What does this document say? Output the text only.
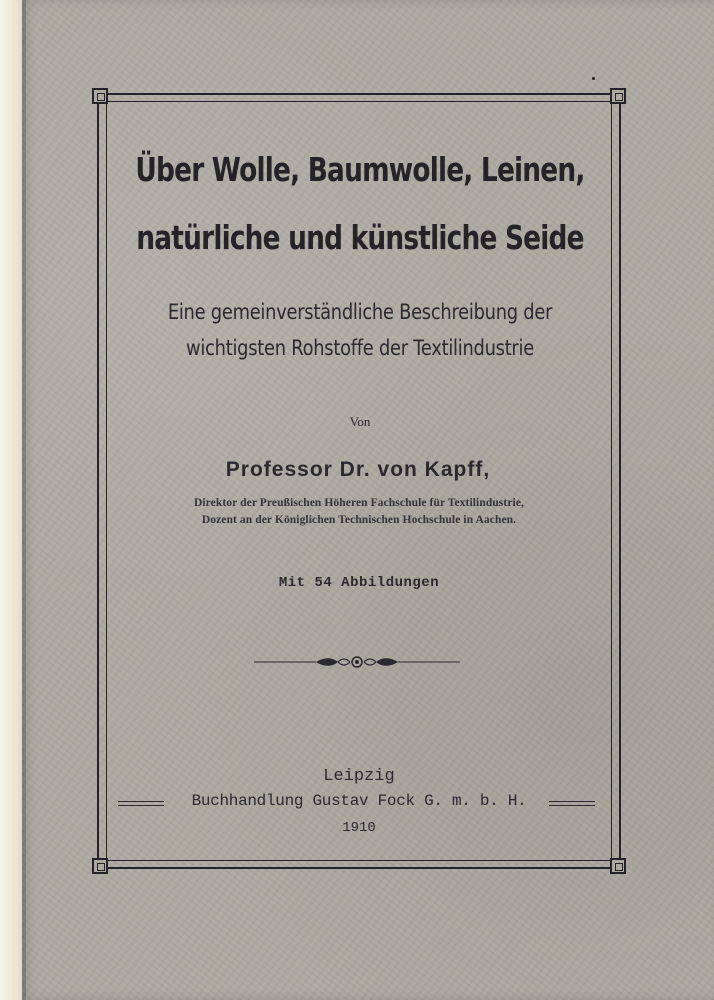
Über Wolle, Baumwolle, Leinen,
natürliche und künstliche Seide
Eine gemeinverständliche Beschreibung der
wichtigsten Rohstoffe der Textilindustrie
Von
Professor Dr. von Kapff,
Direktor der Preußischen Höheren Fachschule für Textilindustrie,
Dozent an der Königlichen Technischen Hochschule in Aachen.
Mit 54 Abbildungen
Leipzig
Buchhandlung Gustav Fock G. m. b. H.
1910
